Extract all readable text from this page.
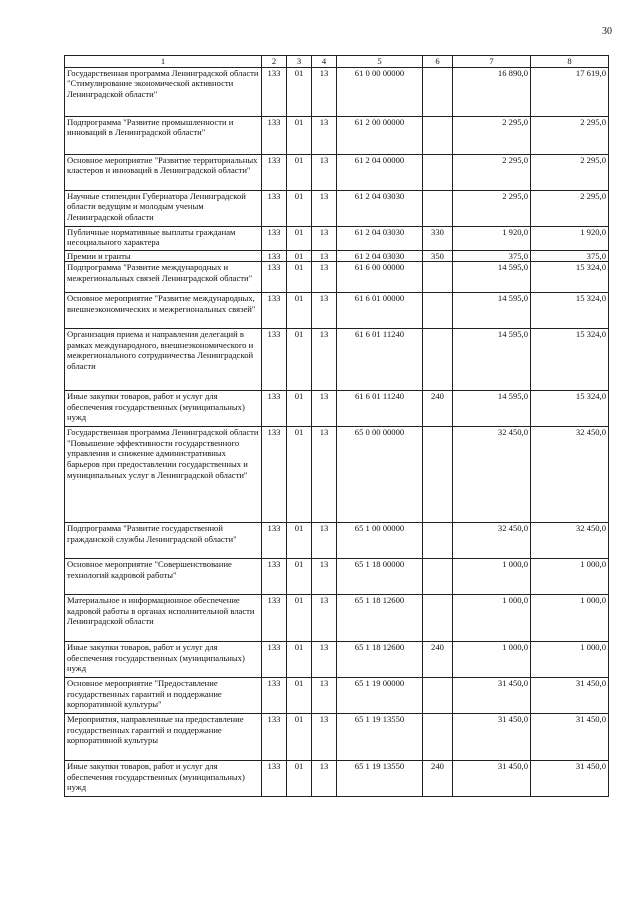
30
1	2	3	4	5	6	7	8
Государственная программа Ленинградской области "Стимулирование экономической активности Ленинградской области"	133	01	13	61 0 00 00000		16 890,0	17 619,0
Подпрограмма "Развитие промышленности и инноваций в Ленинградской области"	133	01	13	61 2 00 00000		2 295,0	2 295,0
Основное мероприятие "Развитие территориальных кластеров и инноваций в Ленинградской области"	133	01	13	61 2 04 00000		2 295,0	2 295,0
Научные стипендии Губернатора Ленинградской области ведущим и молодым ученым Ленинградской области	133	01	13	61 2 04 03030		2 295,0	2 295,0
Публичные нормативные выплаты гражданам несоциального характера	133	01	13	61 2 04 03030	330	1 920,0	1 920,0
Премии и гранты	133	01	13	61 2 04 03030	350	375,0	375,0
Подпрограмма "Развитие международных и межрегиональных связей Ленинградской области"	133	01	13	61 6 00 00000		14 595,0	15 324,0
Основное мероприятие "Развитие международных, внешнеэкономических и межрегиональных связей"	133	01	13	61 6 01 00000		14 595,0	15 324,0
Организация приема и направления делегаций в рамках международного, внешнеэкономического и межрегионального сотрудничества Ленинградской области	133	01	13	61 6 01 11240		14 595,0	15 324,0
Иные закупки товаров, работ и услуг для обеспечения государственных (муниципальных) нужд	133	01	13	61 6 01 11240	240	14 595,0	15 324,0
Государственная программа Ленинградской области "Повышение эффективности государственного управления и снижение административных барьеров при предоставлении государственных и муниципальных услуг в Ленинградской области"	133	01	13	65 0 00 00000		32 450,0	32 450,0
Подпрограмма "Развитие государственной гражданской службы Ленинградской области"	133	01	13	65 1 00 00000		32 450,0	32 450,0
Основное мероприятие "Совершенствование технологий кадровой работы"	133	01	13	65 1 18 00000		1 000,0	1 000,0
Материальное и информационное обеспечение кадровой работы в органах исполнительной власти Ленинградской области	133	01	13	65 1 18 12600		1 000,0	1 000,0
Иные закупки товаров, работ и услуг для обеспечения государственных (муниципальных) нужд	133	01	13	65 1 18 12600	240	1 000,0	1 000,0
Основное мероприятие "Предоставление государственных гарантий и поддержание корпоративной культуры"	133	01	13	65 1 19 00000		31 450,0	31 450,0
Мероприятия, направленные на предоставление государственных гарантий и поддержание корпоративной культуры	133	01	13	65 1 19 13550		31 450,0	31 450,0
Иные закупки товаров, работ и услуг для обеспечения государственных (муниципальных) нужд	133	01	13	65 1 19 13550	240	31 450,0	31 450,0
